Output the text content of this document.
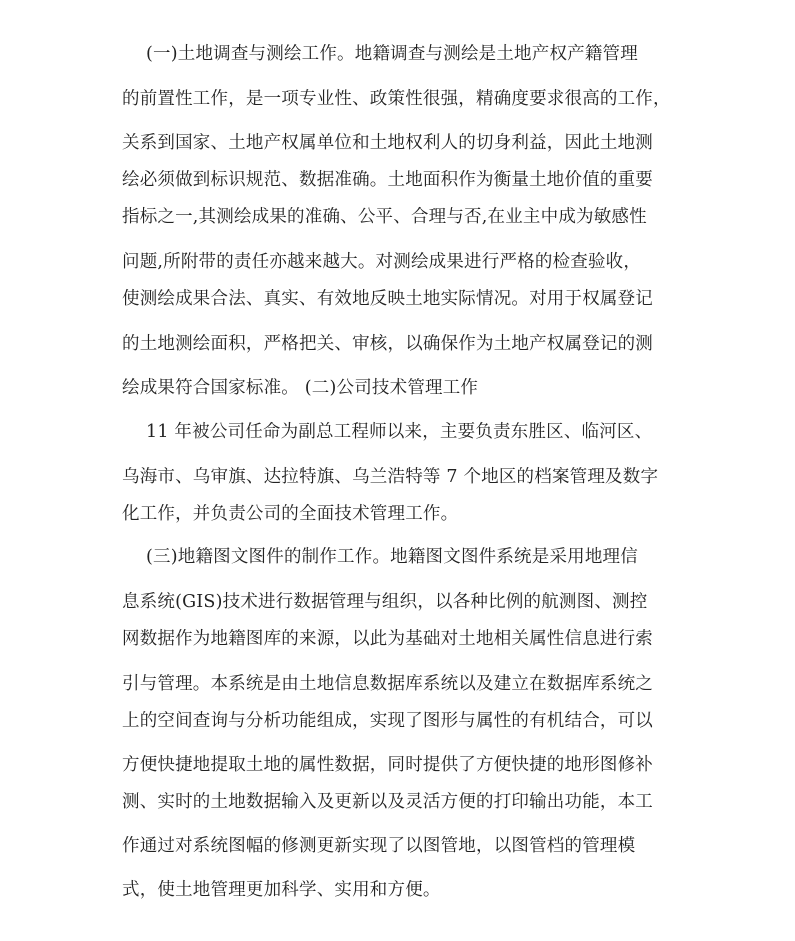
(一)土地调查与测绘工作。地籍调查与测绘是土地产权产籍管理
的前置性工作，是一项专业性、政策性很强，精确度要求很高的工作，
关系到国家、土地产权属单位和土地权利人的切身利益，因此土地测
绘必须做到标识规范、数据准确。土地面积作为衡量土地价值的重要
指标之一,其测绘成果的准确、公平、合理与否,在业主中成为敏感性
问题,所附带的责任亦越来越大。对测绘成果进行严格的检查验收，
使测绘成果合法、真实、有效地反映土地实际情况。对用于权属登记
的土地测绘面积，严格把关、审核，以确保作为土地产权属登记的测
绘成果符合国家标准。 (二)公司技术管理工作
11 年被公司任命为副总工程师以来，主要负责东胜区、临河区、
乌海市、乌审旗、达拉特旗、乌兰浩特等 7 个地区的档案管理及数字
化工作，并负责公司的全面技术管理工作。
(三)地籍图文图件的制作工作。地籍图文图件系统是采用地理信
息系统(GIS)技术进行数据管理与组织，以各种比例的航测图、测控
网数据作为地籍图库的来源，以此为基础对土地相关属性信息进行索
引与管理。本系统是由土地信息数据库系统以及建立在数据库系统之
上的空间查询与分析功能组成，实现了图形与属性的有机结合，可以
方便快捷地提取土地的属性数据，同时提供了方便快捷的地形图修补
测、实时的土地数据输入及更新以及灵活方便的打印输出功能，本工
作通过对系统图幅的修测更新实现了以图管地，以图管档的管理模
式，使土地管理更加科学、实用和方便。
